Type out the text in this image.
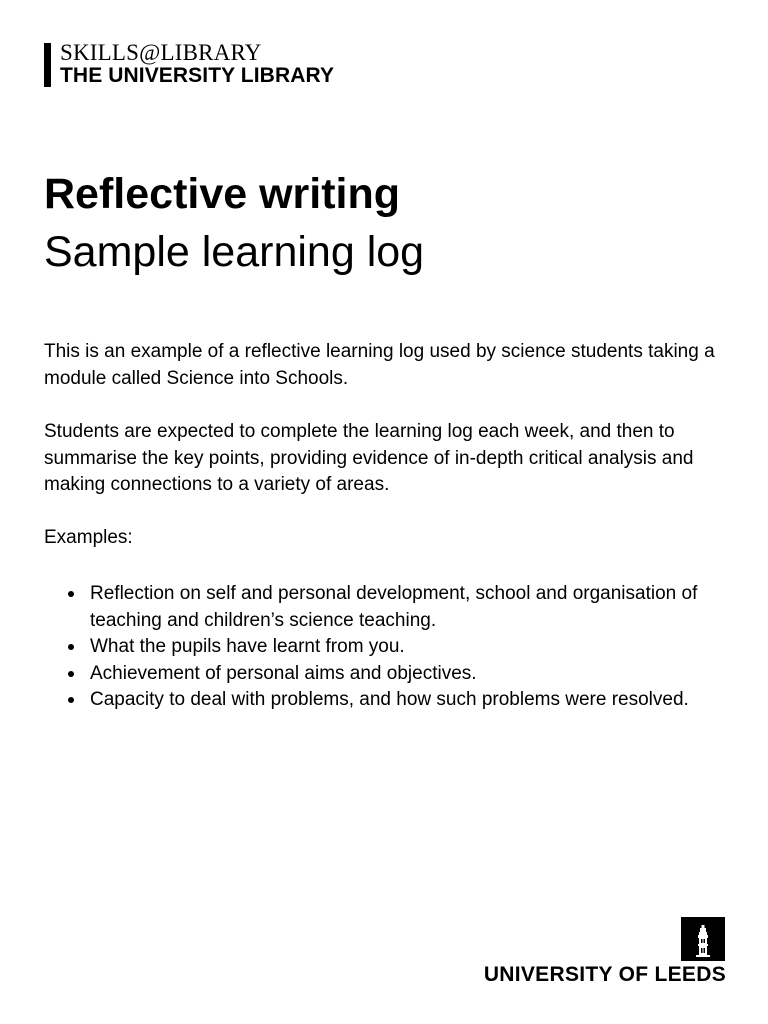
SKILLS@LIBRARY
THE UNIVERSITY LIBRARY
Reflective writing
Sample learning log

This is an example of a reflective learning log used by science students taking a module called Science into Schools.

Students are expected to complete the learning log each week, and then to summarise the key points, providing evidence of in-depth critical analysis and making connections to a variety of areas.

Examples:

Reflection on self and personal development, school and organisation of teaching and children’s science teaching.
What the pupils have learnt from you.
Achievement of personal aims and objectives.
Capacity to deal with problems, and how such problems were resolved.
UNIVERSITY OF LEEDS
